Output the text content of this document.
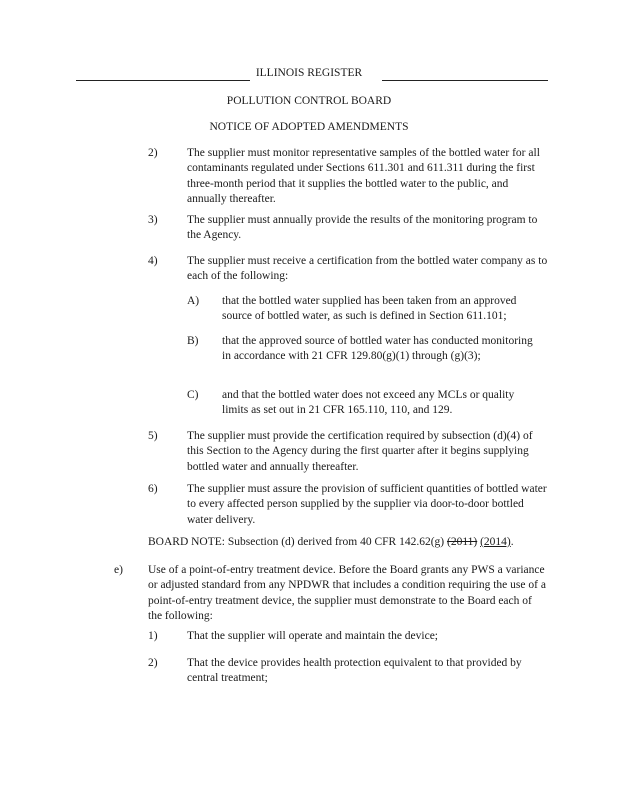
ILLINOIS REGISTER
POLLUTION CONTROL BOARD
NOTICE OF ADOPTED AMENDMENTS
2)	The supplier must monitor representative samples of the bottled water for all contaminants regulated under Sections 611.301 and 611.311 during the first three-month period that it supplies the bottled water to the public, and annually thereafter.
3)	The supplier must annually provide the results of the monitoring program to the Agency.
4)	The supplier must receive a certification from the bottled water company as to each of the following:
A) that the bottled water supplied has been taken from an approved source of bottled water, as such is defined in Section 611.101;
B) that the approved source of bottled water has conducted monitoring in accordance with 21 CFR 129.80(g)(1) through (g)(3);
C) and that the bottled water does not exceed any MCLs or quality limits as set out in 21 CFR 165.110, 110, and 129.
5)	The supplier must provide the certification required by subsection (d)(4) of this Section to the Agency during the first quarter after it begins supplying bottled water and annually thereafter.
6)	The supplier must assure the provision of sufficient quantities of bottled water to every affected person supplied by the supplier via door-to-door bottled water delivery.
BOARD NOTE: Subsection (d) derived from 40 CFR 142.62(g) (2011) (2014).
e) Use of a point-of-entry treatment device. Before the Board grants any PWS a variance or adjusted standard from any NPDWR that includes a condition requiring the use of a point-of-entry treatment device, the supplier must demonstrate to the Board each of the following:
1)	That the supplier will operate and maintain the device;
2)	That the device provides health protection equivalent to that provided by central treatment;
